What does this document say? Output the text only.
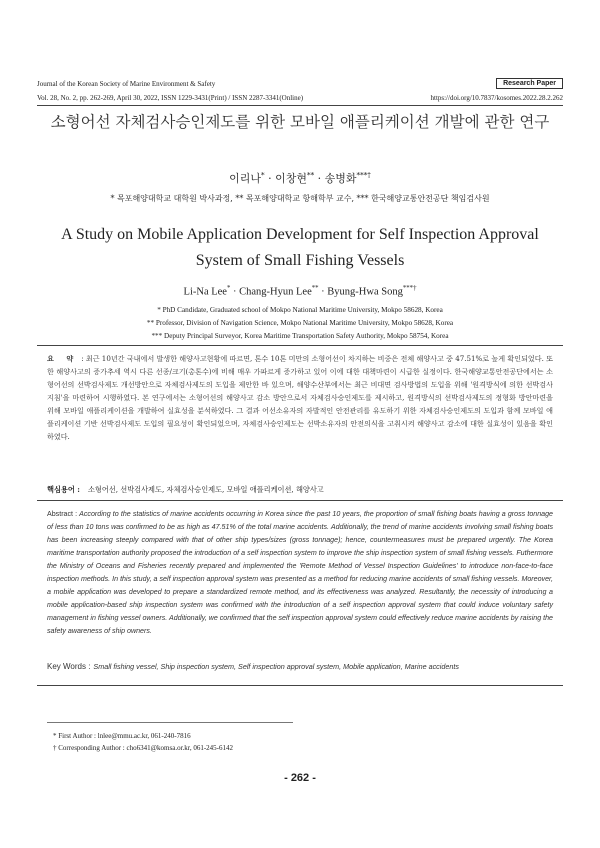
Journal of the Korean Society of Marine Environment & Safety	Research Paper
Vol. 28, No. 2, pp. 262-269, April 30, 2022, ISSN 1229-3431(Print) / ISSN 2287-3341(Online)	https://doi.org/10.7837/kosomes.2022.28.2.262
소형어선 자체검사승인제도를 위한 모바일 애플리케이션 개발에 관한 연구
이리나* · 이창현** · 송병화***†
* 목포해양대학교 대학원 박사과정, ** 목포해양대학교 항해학부 교수, *** 한국해양교통안전공단 책임검사원
A Study on Mobile Application Development for Self Inspection Approval System of Small Fishing Vessels
Li-Na Lee* · Chang-Hyun Lee** · Byung-Hwa Song***†
* PhD Candidate, Graduated school of Mokpo National Maritime University, Mokpo 58628, Korea
** Professor, Division of Navigation Science, Mokpo National Maritime University, Mokpo 58628, Korea
*** Deputy Principal Surveyor, Korea Maritime Transportation Safety Authority, Mokpo 58754, Korea
요 약 : 최근 10년간 국내에서 발생한 해양사고현황에 따르면, 톤수 10톤 미만의 소형어선이 차지하는 비중은 전체 해양사고 중 47.51%로 높게 확인되었다. 또한 해양사고의 증가추세 역시 다른 선종/크기(총톤수)에 비해 매우 가파르게 증가하고 있어 이에 대한 대책마련이 시급한 실정이다. 한국해양교통안전공단에서는 소형어선의 선박검사제도 개선방안으로 자체검사제도의 도입을 제안한 바 있으며, 해양수산부에서는 최근 비대면 검사방법의 도입을 위해 '원격방식에 의한 선박검사 지침'을 마련하여 시행하였다. 본 연구에서는 소형어선의 해양사고 감소 방안으로서 자체검사승인제도를 제시하고, 원격방식의 선박검사제도의 정형화 방안마련을 위해 모바일 애플리케이션을 개발하여 실효성을 분석하였다. 그 결과 어선소유자의 자발적인 안전관리를 유도하기 위한 자체검사승인제도의 도입과 함께 모바일 애플리케이션 기반 선박검사제도 도입의 필요성이 확인되었으며, 자체검사승인제도는 선박소유자의 안전의식을 고취시켜 해양사고 감소에 대한 실효성이 있음을 확인하였다.
핵심용어 : 소형어선, 선박검사제도, 자체검사승인제도, 모바일 애플리케이션, 해양사고
Abstract : According to the statistics of marine accidents occurring in Korea since the past 10 years, the proportion of small fishing boats having a gross tonnage of less than 10 tons was confirmed to be as high as 47.51% of the total marine accidents. Additionally, the trend of marine accidents involving small fishing boats has been increasing steeply compared with that of other ship types/sizes (gross tonnage); hence, countermeasures must be prepared urgently. The Korea maritime transportation authority proposed the introduction of a self inspection system to improve the ship inspection system of small fishing vessels. Futhermore the Ministry of Oceans and Fisheries recently prepared and implemented the 'Remote Method of Vessel Inspection Guidelines' to introduce non-face-to-face inspection methods. In this study, a self inspection approval system was presented as a method for reducing marine accidents of small fishing vessels. Moreover, a mobile application was developed to prepare a standardized remote method, and its effectiveness was analyzed. Resultantly, the necessity of introducing a mobile application-based ship inspection system was confirmed with the introduction of a self inspection approval system that could induce voluntary safety management in fishing vessel owners. Additionally, we confirmed that the self inspection approval system could effectively reduce marine accidents by raising the safety awareness of ship owners.
Key Words : Small fishing vessel, Ship inspection system, Self inspection approval system, Mobile application, Marine accidents
* First Author : lnlee@mmu.ac.kr, 061-240-7816
† Corresponding Author : cho6341@komsa.or.kr, 061-245-6142
- 262 -
